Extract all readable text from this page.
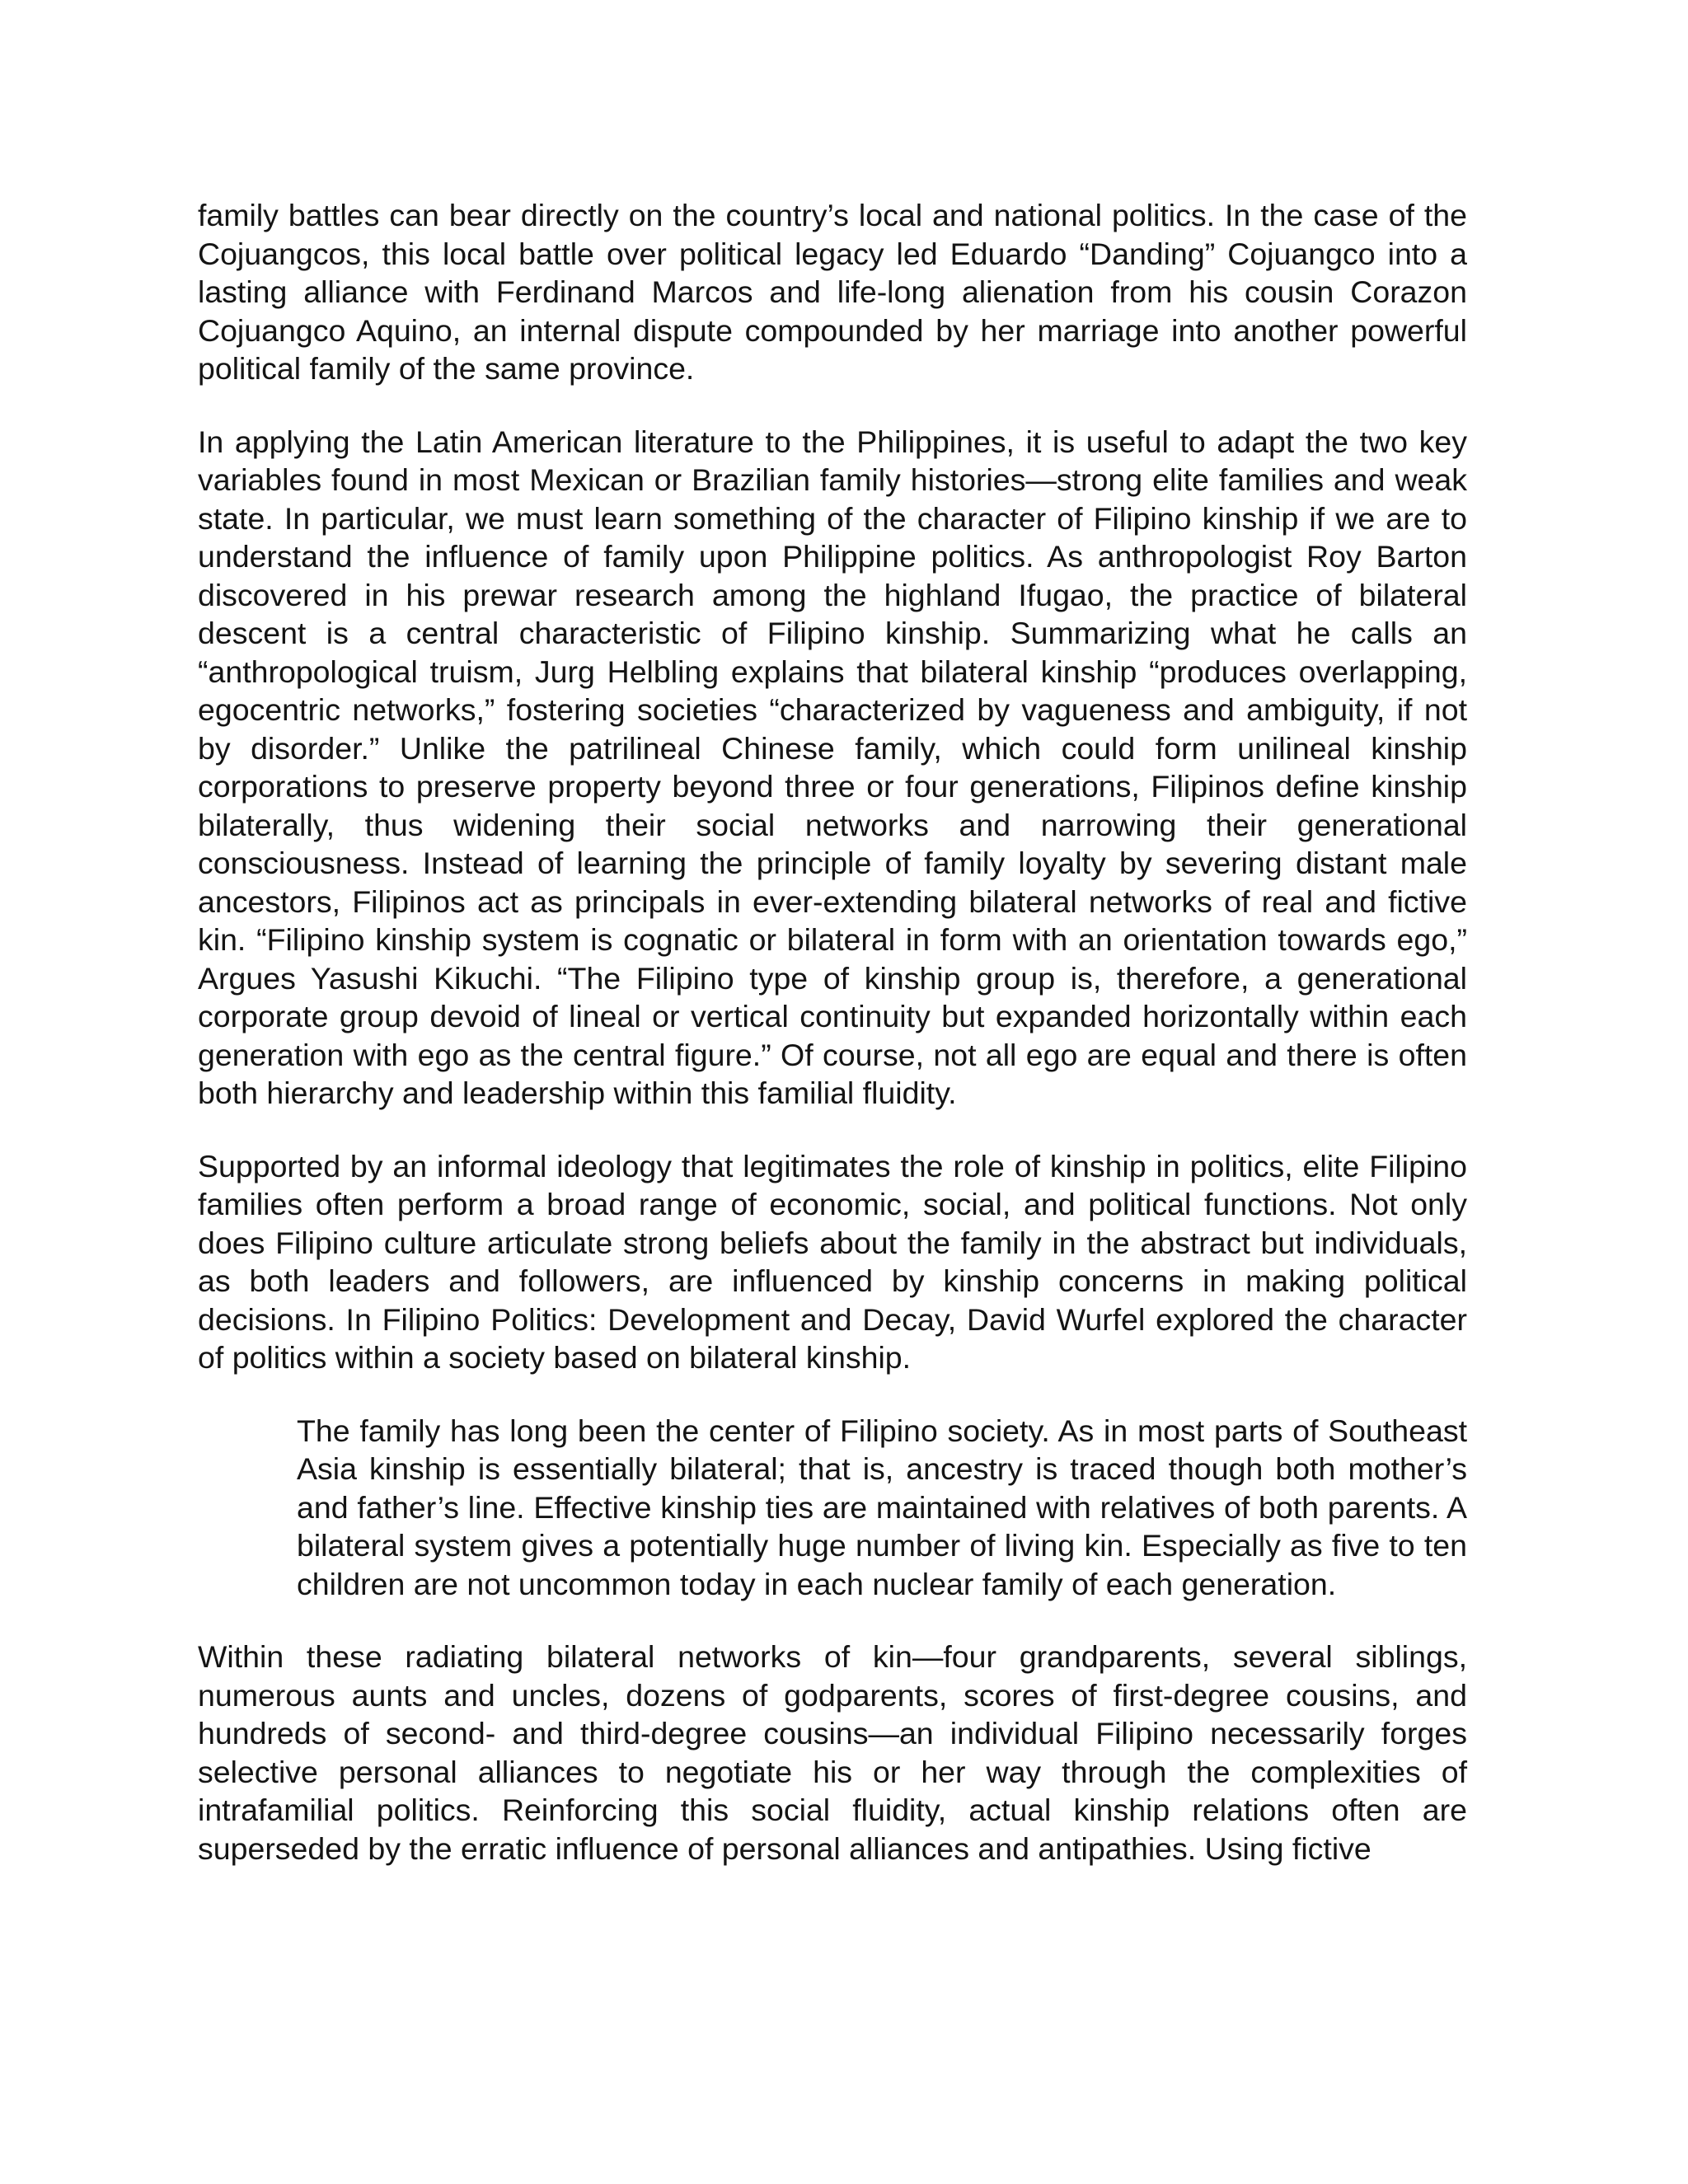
family battles can bear directly on the country’s local and national politics. In the case of the Cojuangcos, this local battle over political legacy led Eduardo “Danding” Cojuangco into a lasting alliance with Ferdinand Marcos and life-long alienation from his cousin Corazon Cojuangco Aquino, an internal dispute compounded by her marriage into another powerful political family of the same province.

In applying the Latin American literature to the Philippines, it is useful to adapt the two key variables found in most Mexican or Brazilian family histories—strong elite families and weak state. In particular, we must learn something of the character of Filipino kinship if we are to understand the influence of family upon Philippine politics. As anthropologist Roy Barton discovered in his prewar research among the highland Ifugao, the practice of bilateral descent is a central characteristic of Filipino kinship. Summarizing what he calls an “anthropological truism, Jurg Helbling explains that bilateral kinship “produces overlapping, egocentric networks,” fostering societies “characterized by vagueness and ambiguity, if not by disorder.” Unlike the patrilineal Chinese family, which could form unilineal kinship corporations to preserve property beyond three or four generations, Filipinos define kinship bilaterally, thus widening their social networks and narrowing their generational consciousness. Instead of learning the principle of family loyalty by severing distant male ancestors, Filipinos act as principals in ever-extending bilateral networks of real and fictive kin. “Filipino kinship system is cognatic or bilateral in form with an orientation towards ego,” Argues Yasushi Kikuchi. “The Filipino type of kinship group is, therefore, a generational corporate group devoid of lineal or vertical continuity but expanded horizontally within each generation with ego as the central figure.” Of course, not all ego are equal and there is often both hierarchy and leadership within this familial fluidity.

Supported by an informal ideology that legitimates the role of kinship in politics, elite Filipino families often perform a broad range of economic, social, and political functions. Not only does Filipino culture articulate strong beliefs about the family in the abstract but individuals, as both leaders and followers, are influenced by kinship concerns in making political decisions. In Filipino Politics: Development and Decay, David Wurfel explored the character of politics within a society based on bilateral kinship.

The family has long been the center of Filipino society. As in most parts of Southeast Asia kinship is essentially bilateral; that is, ancestry is traced though both mother’s and father’s line. Effective kinship ties are maintained with relatives of both parents. A bilateral system gives a potentially huge number of living kin. Especially as five to ten children are not uncommon today in each nuclear family of each generation.

Within these radiating bilateral networks of kin—four grandparents, several siblings, numerous aunts and uncles, dozens of godparents, scores of first-degree cousins, and hundreds of second- and third-degree cousins—an individual Filipino necessarily forges selective personal alliances to negotiate his or her way through the complexities of intrafamilial politics. Reinforcing this social fluidity, actual kinship relations often are superseded by the erratic influence of personal alliances and antipathies. Using fictive
